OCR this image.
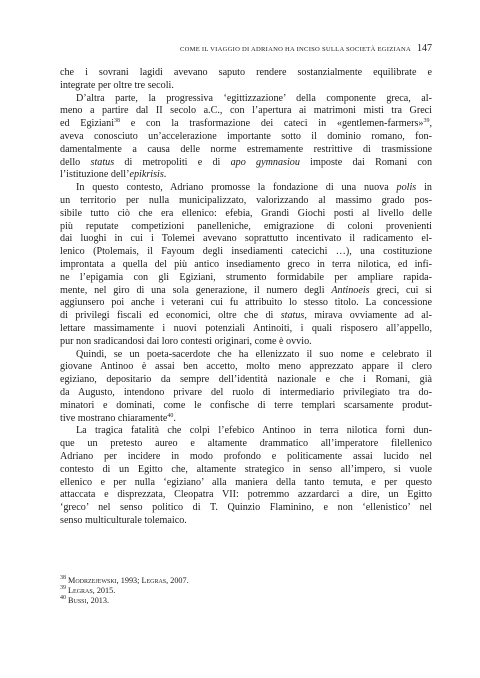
COME IL VIAGGIO DI ADRIANO HA INCISO SULLA SOCIETÀ EGIZIANA 147
che i sovrani lagidi avevano saputo rendere sostanzialmente equilibrate e
integrate per oltre tre secoli.
D’altra parte, la progressiva ‘egittizzazione’ della componente greca, al-
meno a partire dal II secolo a.C., con l’apertura ai matrimoni misti tra Greci
ed Egiziani$^{38}$ e con la trasformazione dei cateci in «gentlemen-farmers»$^{39}$,
aveva conosciuto un’accelerazione importante sotto il dominio romano, fon-
damentalmente a causa delle norme estremamente restrittive di trasmissione
dello status di metropoliti e di apo gymnasiou imposte dai Romani con
l’istituzione dell’epikrisis.
In questo contesto, Adriano promosse la fondazione di una nuova polis in
un territorio per nulla municipalizzato, valorizzando al massimo grado pos-
sibile tutto ciò che era ellenico: efebia, Grandi Giochi posti al livello delle
più reputate competizioni panelleniche, emigrazione di coloni provenienti
dai luoghi in cui i Tolemei avevano soprattutto incentivato il radicamento el-
lenico (Ptolemais, il Fayoum degli insediamenti catecichi …), una costituzione
improntata a quella del più antico insediamento greco in terra nilotica, ed infi-
ne l’epigamia con gli Egiziani, strumento formidabile per ampliare rapida-
mente, nel giro di una sola generazione, il numero degli Antinoeis greci, cui si
aggiunsero poi anche i veterani cui fu attribuito lo stesso titolo. La concessione
di privilegi fiscali ed economici, oltre che di status, mirava ovviamente ad al-
lettare massimamente i nuovi potenziali Antinoiti, i quali risposero all’appello,
pur non sradicandosi dai loro contesti originari, come è ovvio.
Quindi, se un poeta-sacerdote che ha ellenizzato il suo nome e celebrato il
giovane Antinoo è assai ben accetto, molto meno apprezzato appare il clero
egiziano, depositario da sempre dell’identità nazionale e che i Romani, già
da Augusto, intendono privare del ruolo di intermediario privilegiato tra do-
minatori e dominati, come le confische di terre templari scarsamente produt-
tive mostrano chiaramente$^{40}$.
La tragica fatalità che colpì l’efebico Antinoo in terra nilotica fornì dun-
que un pretesto aureo e altamente drammatico all’imperatore filellenico
Adriano per incidere in modo profondo e politicamente assai lucido nel
contesto di un Egitto che, altamente strategico in senso all’impero, si vuole
ellenico e per nulla ‘egiziano’ alla maniera della tanto temuta, e per questo
attaccata e disprezzata, Cleopatra VII: potremmo azzardarci a dire, un Egitto
‘greco’ nel senso politico di T. Quinzio Flaminino, e non ‘ellenistico’ nel
senso multiculturale tolemaico.
$^{38}$ Modrzejewski, 1993; Legras, 2007.
$^{39}$ Legras, 2015.
$^{40}$ Bussi, 2013.
